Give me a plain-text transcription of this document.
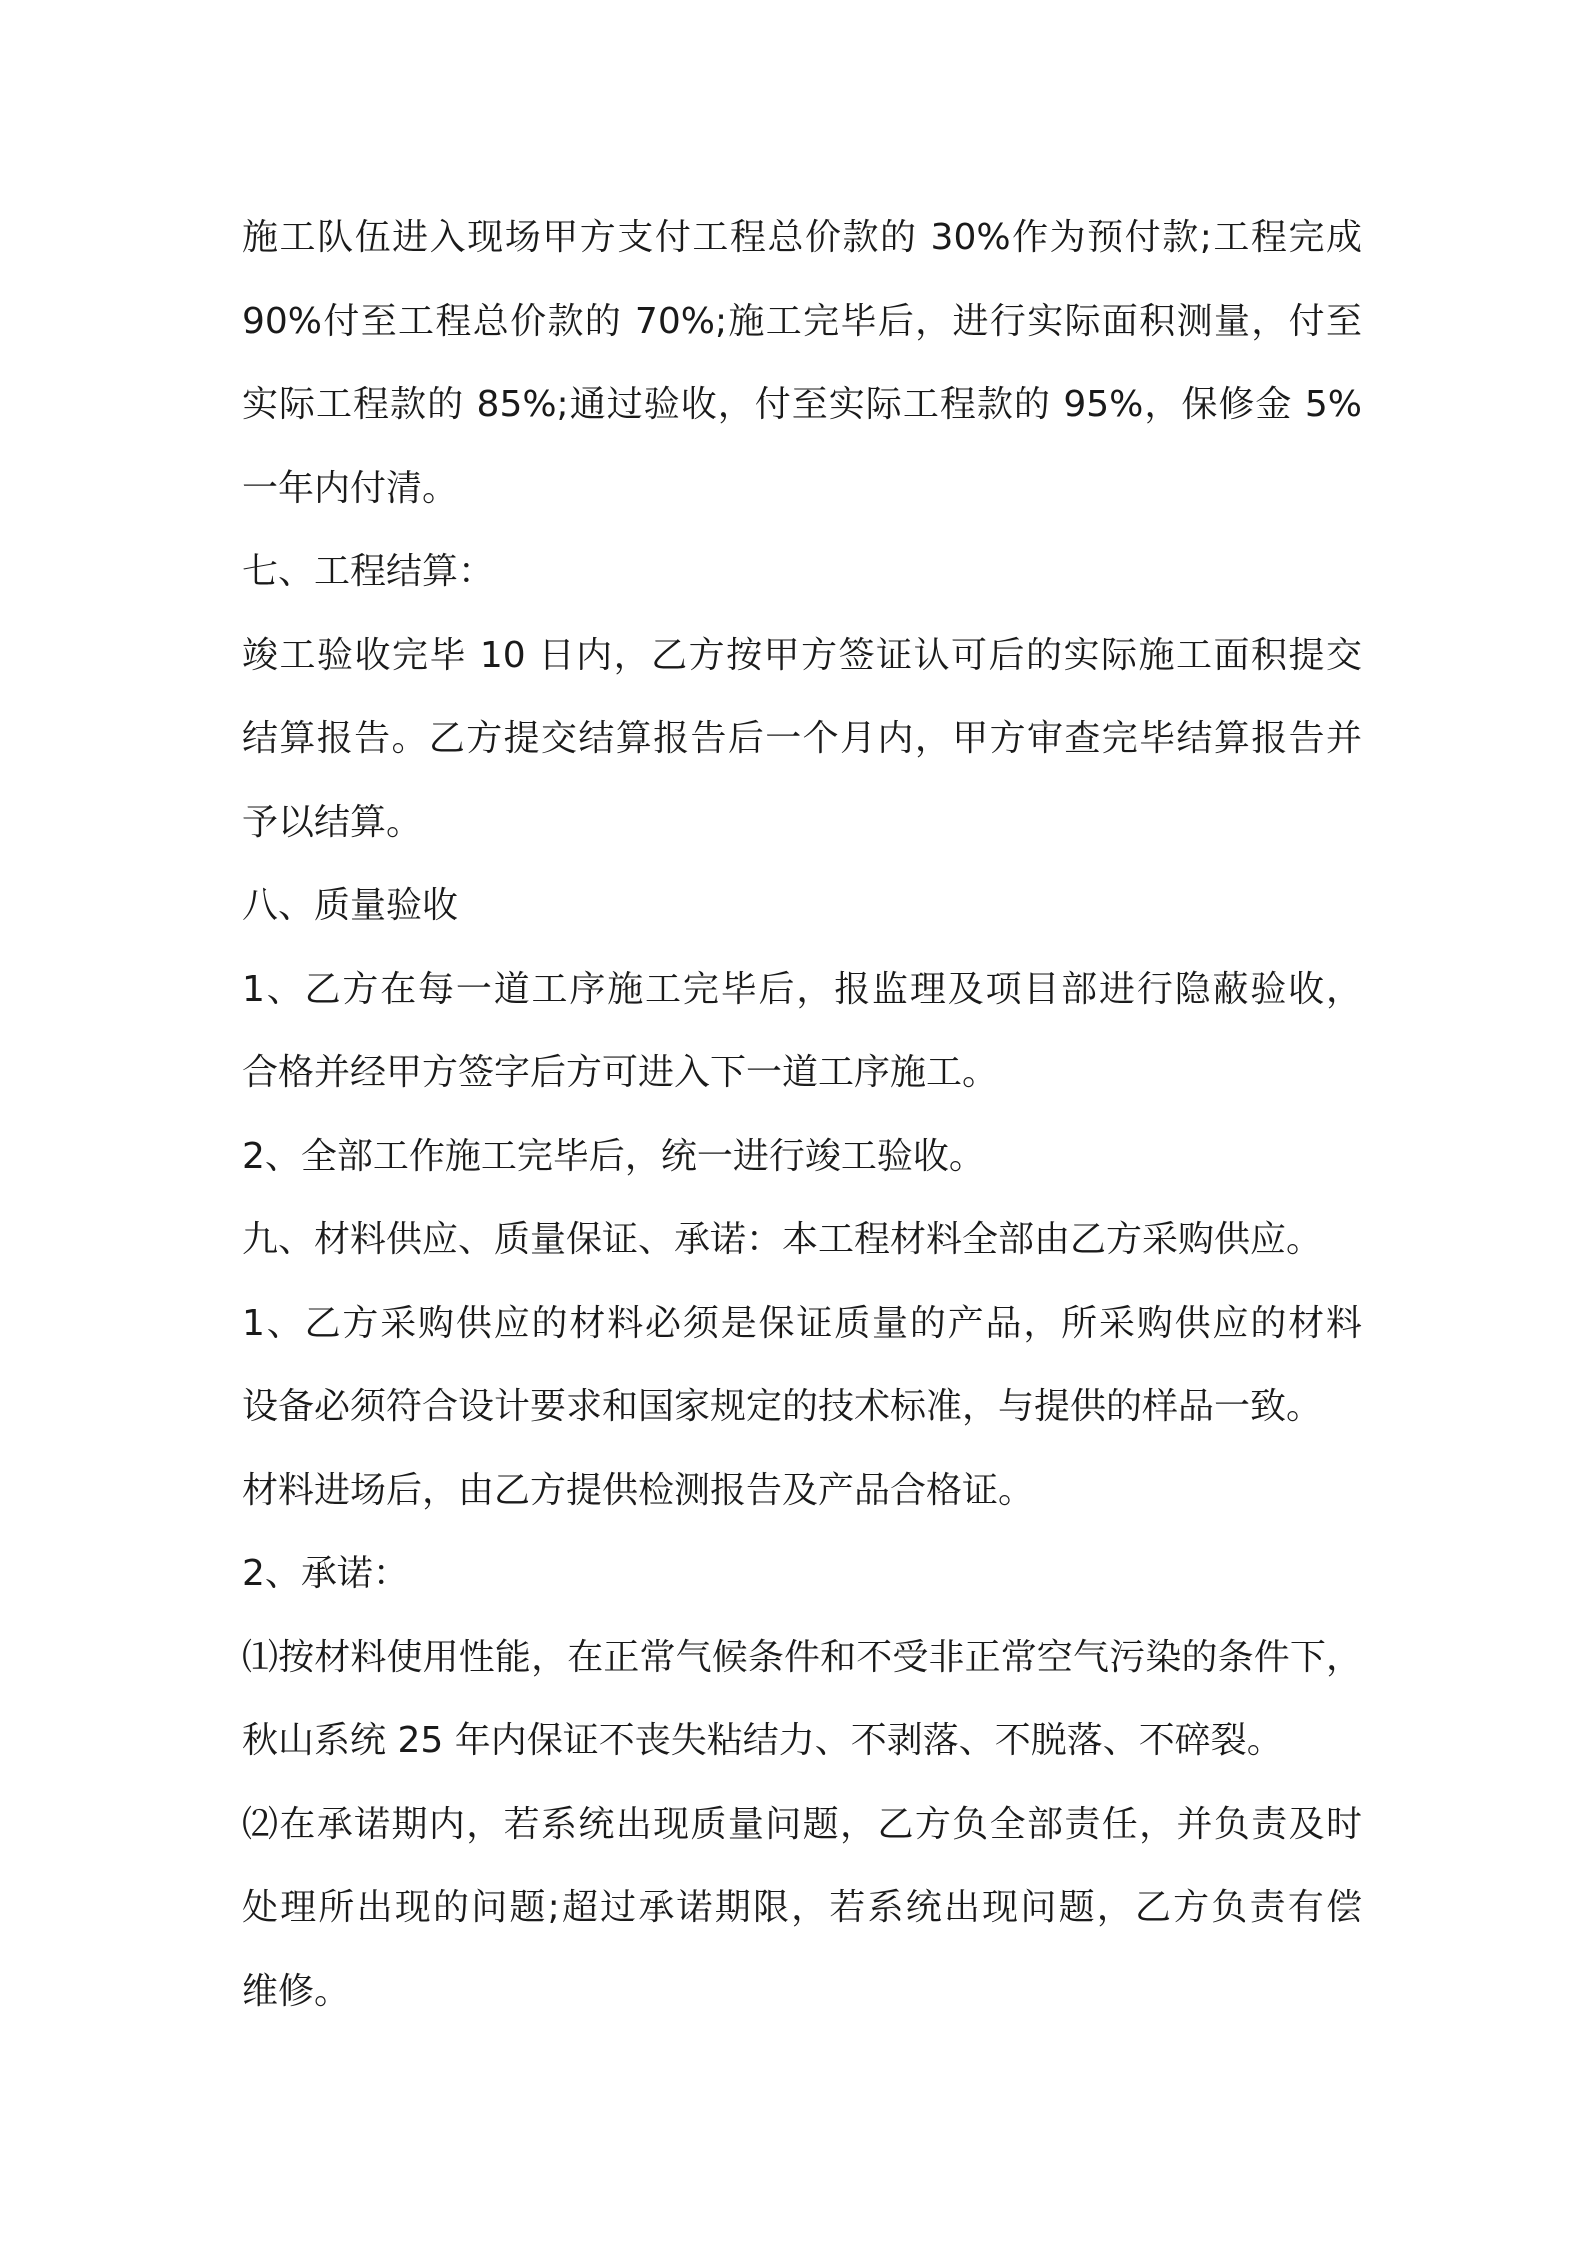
施工队伍进入现场甲方支付工程总价款的 30%作为预付款;工程完成

90%付至工程总价款的 70%;施工完毕后，进行实际面积测量，付至

实际工程款的 85%;通过验收，付至实际工程款的 95%，保修金 5%

一年内付清。

七、工程结算：

竣工验收完毕 10 日内，乙方按甲方签证认可后的实际施工面积提交

结算报告。乙方提交结算报告后一个月内，甲方审查完毕结算报告并

予以结算。

八、质量验收

1、乙方在每一道工序施工完毕后，报监理及项目部进行隐蔽验收，

合格并经甲方签字后方可进入下一道工序施工。

2、全部工作施工完毕后，统一进行竣工验收。

九、材料供应、质量保证、承诺：本工程材料全部由乙方采购供应。

1、乙方采购供应的材料必须是保证质量的产品，所采购供应的材料

设备必须符合设计要求和国家规定的技术标准，与提供的样品一致。

材料进场后，由乙方提供检测报告及产品合格证。

2、承诺：

⑴按材料使用性能，在正常气候条件和不受非正常空气污染的条件下，

秋山系统 25 年内保证不丧失粘结力、不剥落、不脱落、不碎裂。

⑵在承诺期内，若系统出现质量问题，乙方负全部责任，并负责及时

处理所出现的问题;超过承诺期限，若系统出现问题，乙方负责有偿

维修。
